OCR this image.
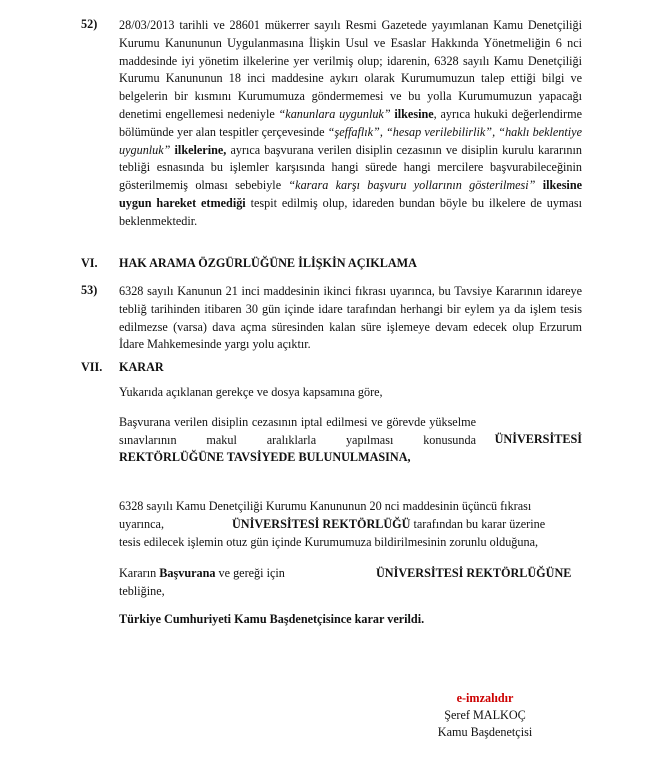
52) 28/03/2013 tarihli ve 28601 mükerrer sayılı Resmi Gazetede yayımlanan Kamu Denetçiliği Kurumu Kanununun Uygulanmasına İlişkin Usul ve Esaslar Hakkında Yönetmeliğin 6 nci maddesinde iyi yönetim ilkelerine yer verilmiş olup; idarenin, 6328 sayılı Kamu Denetçiliği Kurumu Kanununun 18 inci maddesine aykırı olarak Kurumumuzun talep ettiği bilgi ve belgelerin bir kısmını Kurumumuza göndermemesi ve bu yolla Kurumumuzun yapacağı denetimi engellemesi nedeniyle “kanunlara uygunluk” ilkesine, ayrıca hukuki değerlendirme bölümünde yer alan tespitler çerçevesinde “şeffaflık”, “hesap verilebilirlik”, “haklı beklentiye uygunluk” ilkelerine, ayrıca başvurana verilen disiplin cezasının ve disiplin kurulu kararının tebliği esnasında bu işlemler karşısında hangi sürede hangi mercilere başvurabileceğinin gösterilmemiş olması sebebiyle “karara karşı başvuru yollarının gösterilmesi” ilkesine uygun hareket etmediği tespit edilmiş olup, idareden bundan böyle bu ilkelere de uyması beklenmektedir.
VI. HAK ARAMA ÖZGÜRLÜĞÜNE İLİŞKİN AÇIKLAMA
53) 6328 sayılı Kanunun 21 inci maddesinin ikinci fıkrası uyarınca, bu Tavsiye Kararının idareye tebliğ tarihinden itibaren 30 gün içinde idare tarafından herhangi bir eylem ya da işlem tesis edilmezse (varsa) dava açma süresinden kalan süre işlemeye devam edecek olup Erzurum İdare Mahkemesinde yargı yolu açıktır.
VII. KARAR
Yukarıda açıklanan gerekçe ve dosya kapsamına göre,
Başvurana verilen disiplin cezasının iptal edilmesi ve görevde yükselme sınavlarının makul aralıklarla yapılması konusunda	ÜNİVERSİTESİ
REKTÖRLÜĞÜNE TAVSİYEDE BULUNULMASINA,
6328 sayılı Kamu Denetçiliği Kurumu Kanununun 20 nci maddesinin üçüncü fıkrası
uyarınca,	ÜNİVERSİTESİ REKTÖRLÜĞÜ tarafından bu karar üzerine
tesis edilecek işlemin otuz gün içinde Kurumumuza bildirilmesinin zorunlu olduğuna,
Kararın Başvurana ve gereği için	ÜNİVERSİTESİ REKTÖRLÜĞÜNE
tebliğine,
Türkiye Cumhuriyeti Kamu Başdenetçisince karar verildi.
e-imzalıdır
Şeref MALKOÇ
Kamu Başdenetçisi
